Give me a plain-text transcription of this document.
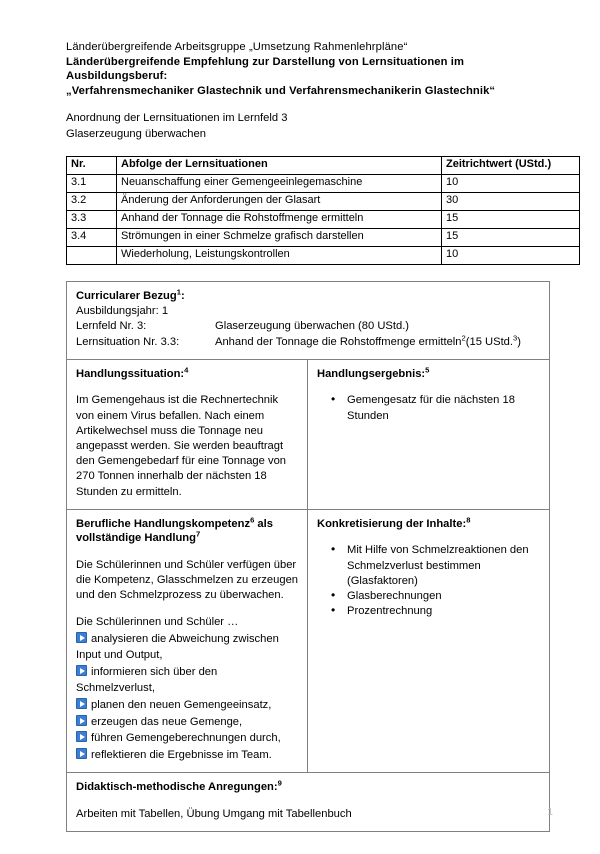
Länderübergreifende Arbeitsgruppe „Umsetzung Rahmenlehrpläne“
Länderübergreifende Empfehlung zur Darstellung von Lernsituationen im
Ausbildungsberuf:
„Verfahrensmechaniker Glastechnik und Verfahrensmechanikerin Glastechnik“
Anordnung der Lernsituationen im Lernfeld 3
Glaserzeugung überwachen
Nr.	Abfolge der Lernsituationen	Zeitrichtwert (UStd.)
3.1	Neuanschaffung einer Gemengeeinlegemaschine	10
3.2	Änderung der Anforderungen der Glasart	30
3.3	Anhand der Tonnage die Rohstoffmenge ermitteln	15
3.4	Strömungen in einer Schmelze grafisch darstellen	15
	Wiederholung, Leistungskontrollen	10
Curricularer Bezug$^1$:
Ausbildungsjahr: 1
Lernfeld Nr. 3:	Glaserzeugung überwachen (80 UStd.)
Lernsituation Nr. 3.3:	Anhand der Tonnage die Rohstoffmenge ermitteln$^2$(15 UStd.$^3$)
Handlungssituation:$^4$

Im Gemengehaus ist die Rechnertechnik von einem Virus befallen. Nach einem Artikelwechsel muss die Tonnage neu angepasst werden. Sie werden beauftragt den Gemengebedarf für eine Tonnage von 270 Tonnen innerhalb der nächsten 18 Stunden zu ermitteln.

Handlungsergebnis:$^5$
• Gemengesatz für die nächsten 18 Stunden
Berufliche Handlungskompetenz$^6$ als vollständige Handlung$^7$

Die Schülerinnen und Schüler verfügen über die Kompetenz, Glasschmelzen zu erzeugen und den Schmelzprozess zu überwachen.

Die Schülerinnen und Schüler …

analysieren die Abweichung zwischen Input und Output,

informieren sich über den Schmelzverlust,

planen den neuen Gemengeeinsatz,

erzeugen das neue Gemenge,

führen Gemengeberechnungen durch,

reflektieren die Ergebnisse im Team.

Konkretisierung der Inhalte:$^8$
• Mit Hilfe von Schmelzreaktionen den Schmelzverlust bestimmen (Glasfaktoren)
• Glasberechnungen
• Prozentrechnung
Didaktisch-methodische Anregungen:$^9$

Arbeiten mit Tabellen, Übung Umgang mit Tabellenbuch	1
